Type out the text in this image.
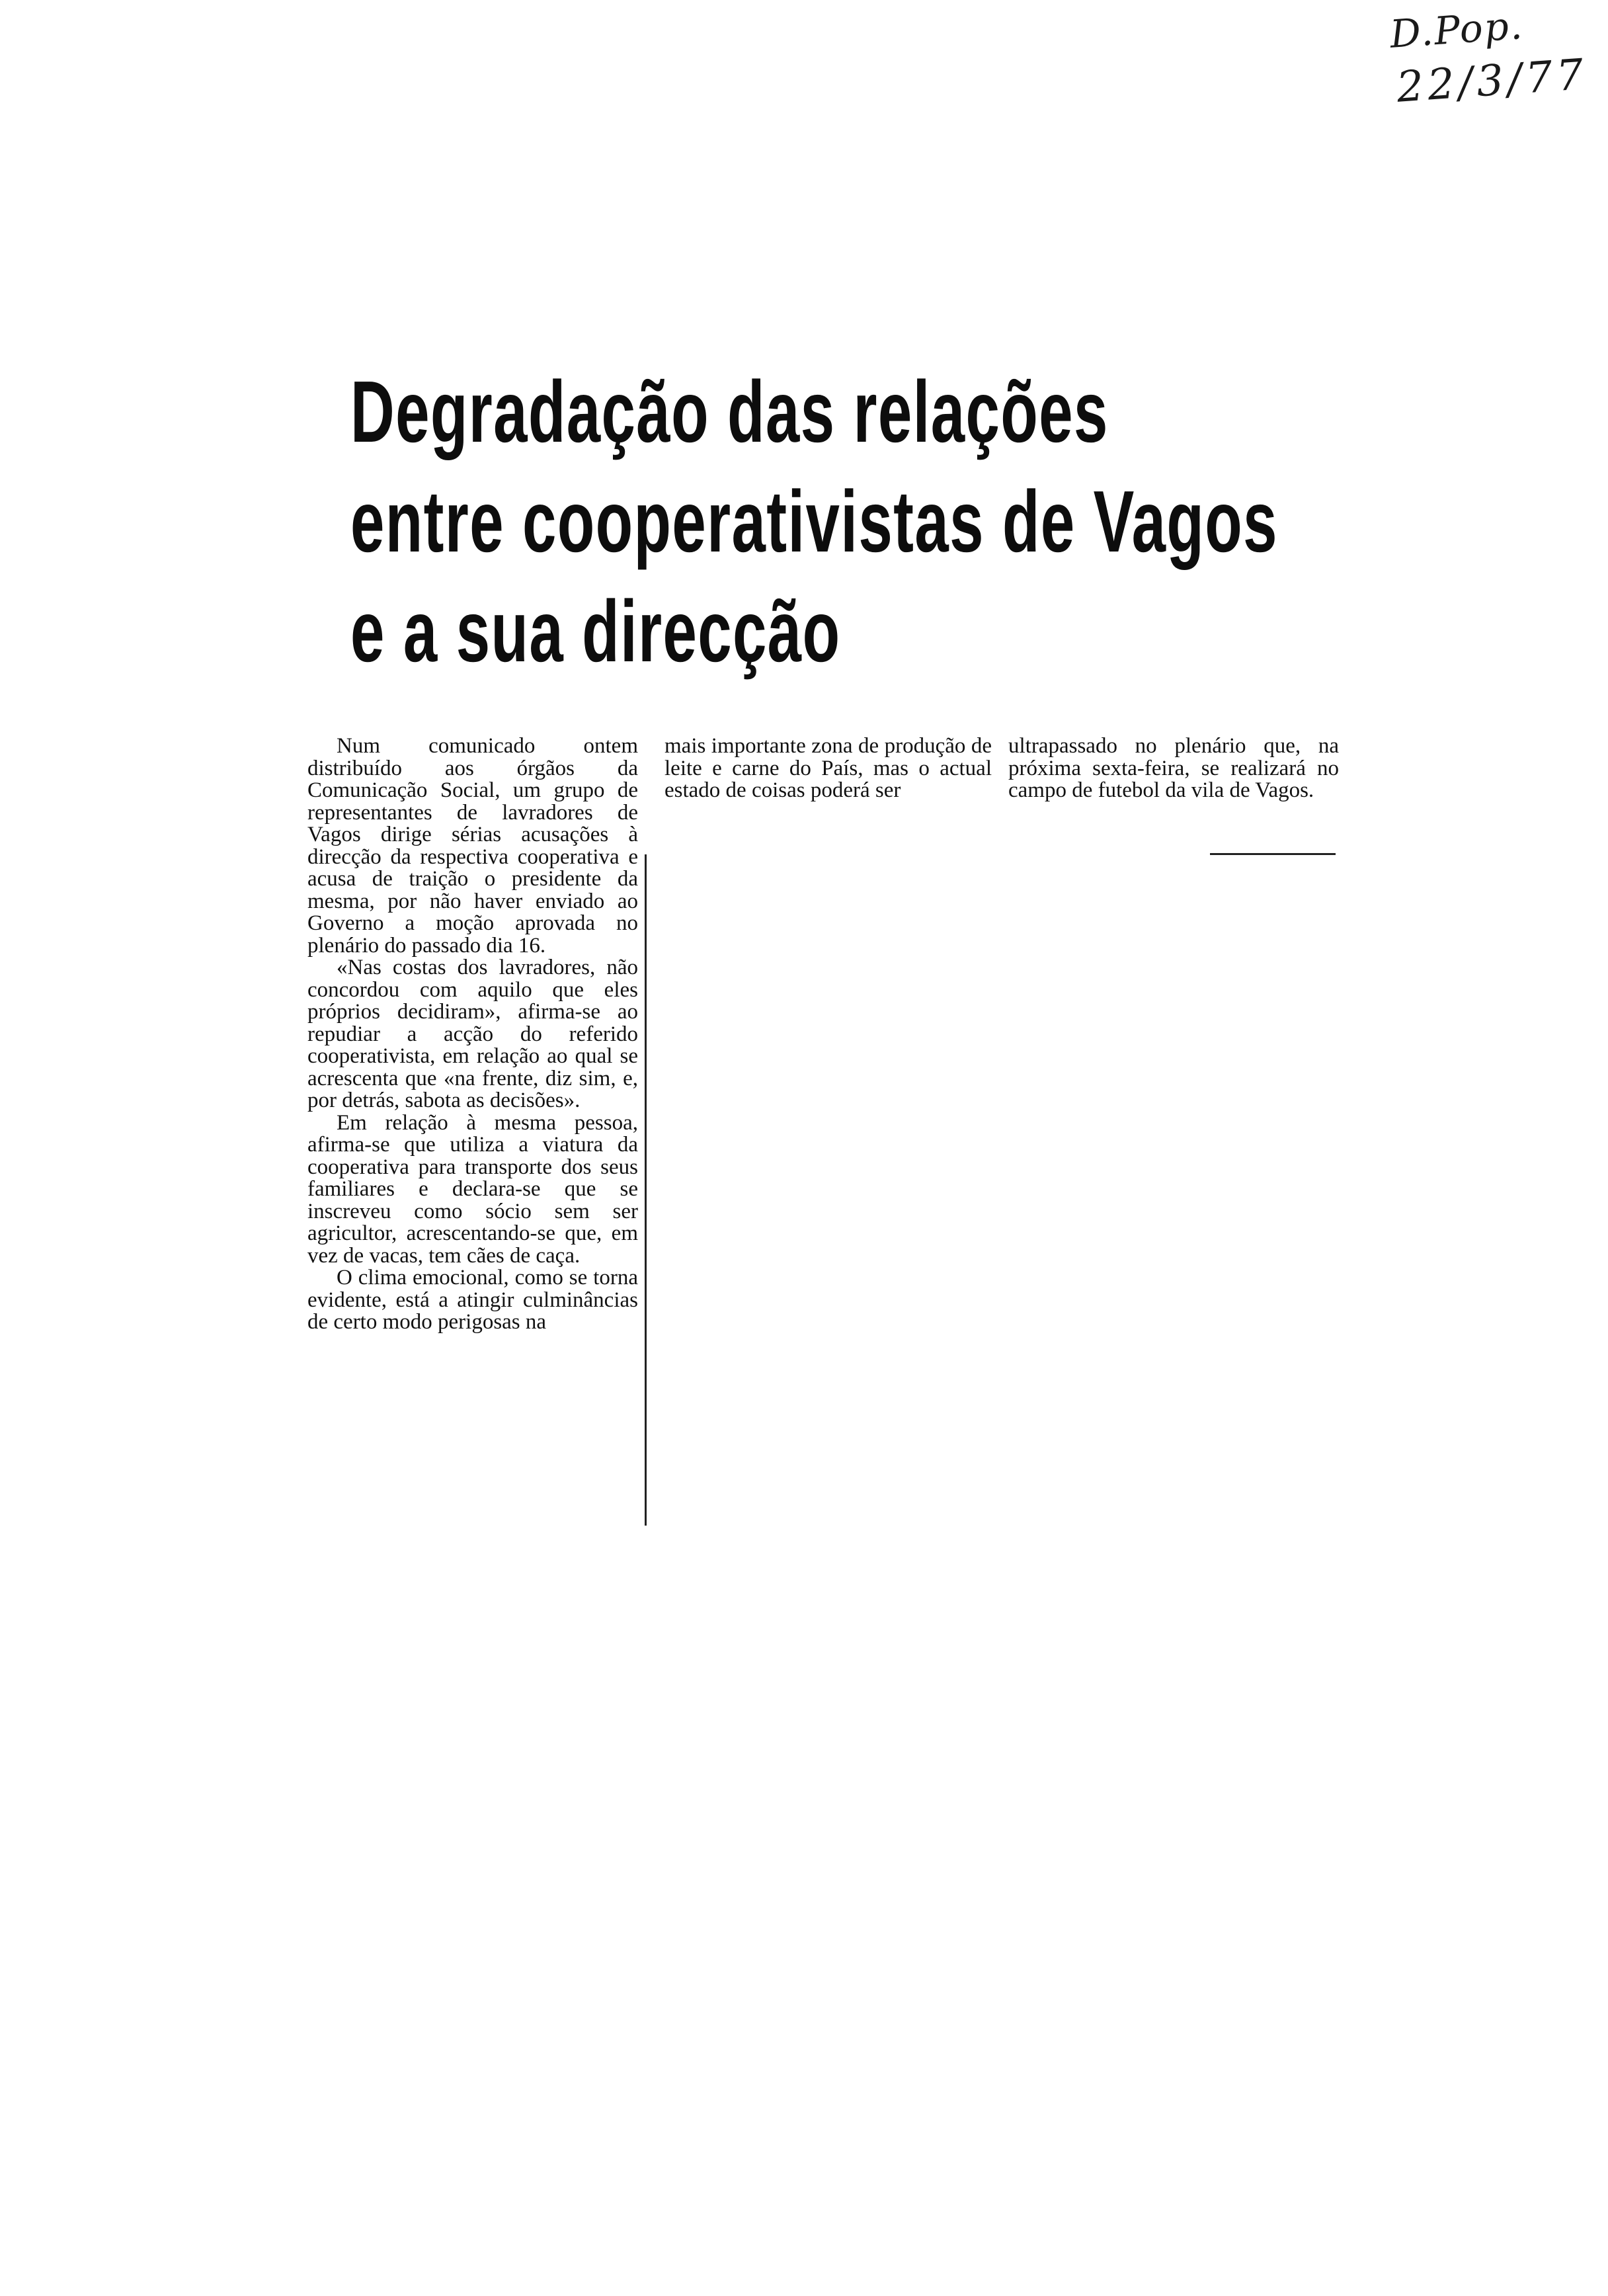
D.Pop.
22/3/77
Degradação das relações
entre cooperativistas de Vagos
e a sua direcção

Num comunicado ontem distribuído aos órgãos da Comunicação Social, um grupo de representantes de lavradores de Vagos dirige sérias acusações à direcção da respectiva cooperativa e acusa de traição o presidente da mesma, por não haver enviado ao Governo a moção aprovada no plenário do passado dia 16.

«Nas costas dos lavradores, não concordou com aquilo que eles próprios decidiram», afirma-se ao repudiar a acção do referido cooperativista, em relação ao qual se acrescenta que «na frente, diz sim, e, por detrás, sabota as decisões».

Em relação à mesma pessoa, afirma-se que utiliza a viatura da cooperativa para transporte dos seus familiares e declara-se que se inscreveu como sócio sem ser agricultor, acrescentando-se que, em vez de vacas, tem cães de caça.

O clima emocional, como se torna evidente, está a atingir culminâncias de certo modo perigosas na

mais importante zona de produção de leite e carne do País, mas o actual estado de coisas poderá ser

ultrapassado no plenário que, na próxima sexta-feira, se realizará no campo de futebol da vila de Vagos.
